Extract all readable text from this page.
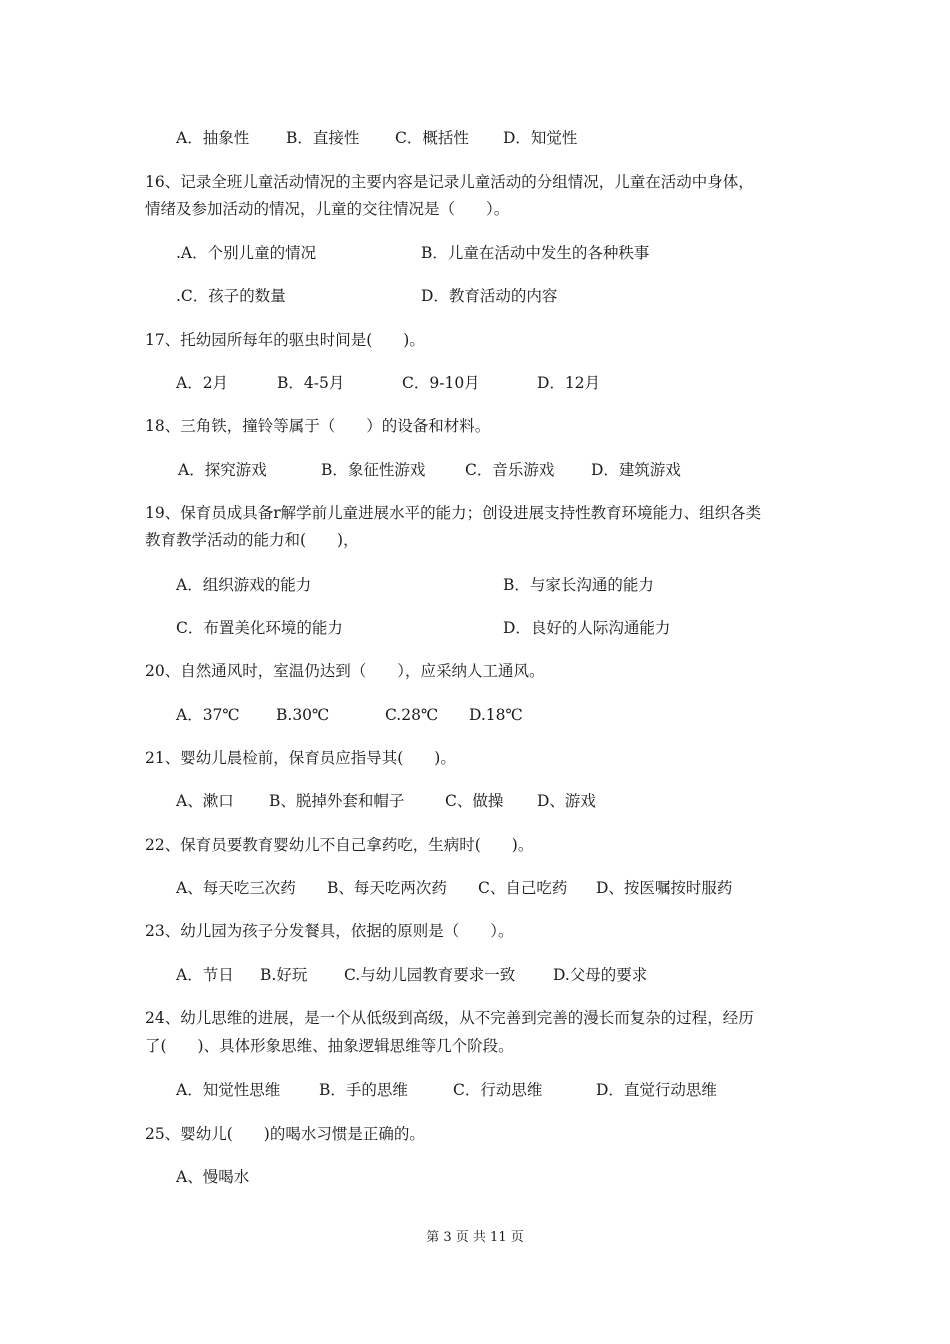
A．抽象性 B．直接性 C．概括性 D．知觉性
16、记录全班儿童活动情况的主要内容是记录儿童活动的分组情况，儿童在活动中身体，
情绪及参加活动的情况，儿童的交往情况是（　　）。
.A．个别儿童的情况	B．儿童在活动中发生的各种秩事
.C．孩子的数量	D．教育活动的内容
17、托幼园所每年的驱虫时间是(　　)。
A．2月	B．4-5月	C．9-10月	D．12月
18、三角铁，撞铃等属于（　　）的设备和材料。
A．探究游戏	B．象征性游戏	C．音乐游戏 D．建筑游戏
19、保育员成具备r解学前儿童进展水平的能力；创设进展支持性教育环境能力、组织各类
教育教学活动的能力和(　　)，
A．组织游戏的能力	B．与家长沟通的能力
C．布置美化环境的能力	D．良好的人际沟通能力
20、自然通风时，室温仍达到（　　），应采纳人工通风。
A．37℃ B.30℃	C.28℃ D.18℃
21、婴幼儿晨检前，保育员应指导其(　　)。
A、漱口 B、脱掉外套和帽子	C、做操 D、游戏
22、保育员要教育婴幼儿不自己拿药吃，生病时(　　)。
A、每天吃三次药 B、每天吃两次药 C、自己吃药 D、按医嘱按时服药
23、幼儿园为孩子分发餐具，依据的原则是（　　）。
A．节日 B.好玩 C.与幼儿园教育要求一致 D.父母的要求
24、幼儿思维的进展，是一个从低级到高级，从不完善到完善的漫长而复杂的过程，经历
了(　　)、具体形象思维、抽象逻辑思维等几个阶段。
A．知觉性思维	B．手的思维	C．行动思维	D．直觉行动思维
25、婴幼儿(　　)的喝水习惯是正确的。
A、慢喝水
第 3 页 共 11 页
